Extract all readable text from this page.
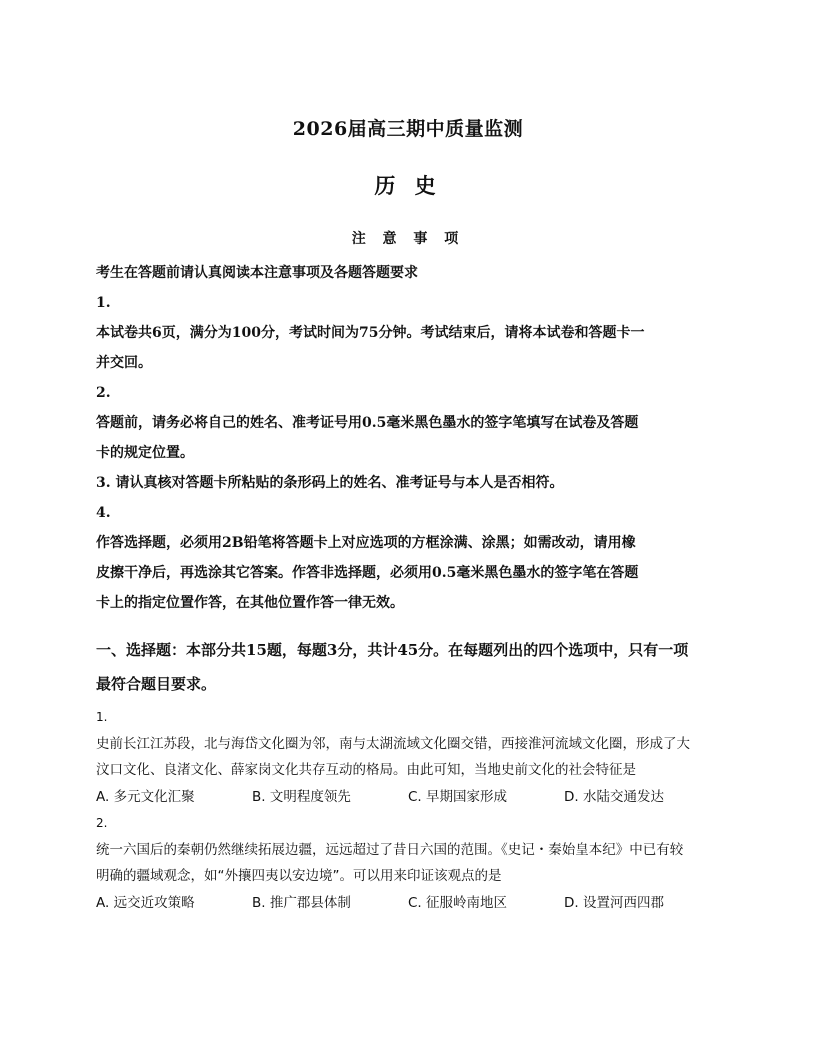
2026届高三期中质量监测
历 史
注 意 事 项

考生在答题前请认真阅读本注意事项及各题答题要求

1.

本试卷共6页，满分为100分，考试时间为75分钟。考试结束后，请将本试卷和答题卡一

并交回。

2.

答题前，请务必将自己的姓名、准考证号用0.5毫米黑色墨水的签字笔填写在试卷及答题

卡的规定位置。

3. 请认真核对答题卡所粘贴的条形码上的姓名、准考证号与本人是否相符。

4.

作答选择题，必须用2B铅笔将答题卡上对应选项的方框涂满、涂黑；如需改动，请用橡

皮擦干净后，再选涂其它答案。作答非选择题，必须用0.5毫米黑色墨水的签字笔在答题

卡上的指定位置作答，在其他位置作答一律无效。

一、选择题：本部分共15题，每题3分，共计45分。在每题列出的四个选项中，只有一项
最符合题目要求。

1.

史前长江江苏段，北与海岱文化圈为邻，南与太湖流域文化圈交错，西接淮河流域文化圈，形成了大

汶口文化、良渚文化、薛家岗文化共存互动的格局。由此可知，当地史前文化的社会特征是

A. 多元文化汇聚	B. 文明程度领先	C. 早期国家形成	D. 水陆交通发达

2.

统一六国后的秦朝仍然继续拓展边疆，远远超过了昔日六国的范围。《史记・秦始皇本纪》中已有较

明确的疆域观念，如“外攘四夷以安边境”。可以用来印证该观点的是

A. 远交近攻策略	B. 推广郡县体制	C. 征服岭南地区	D. 设置河西四郡
